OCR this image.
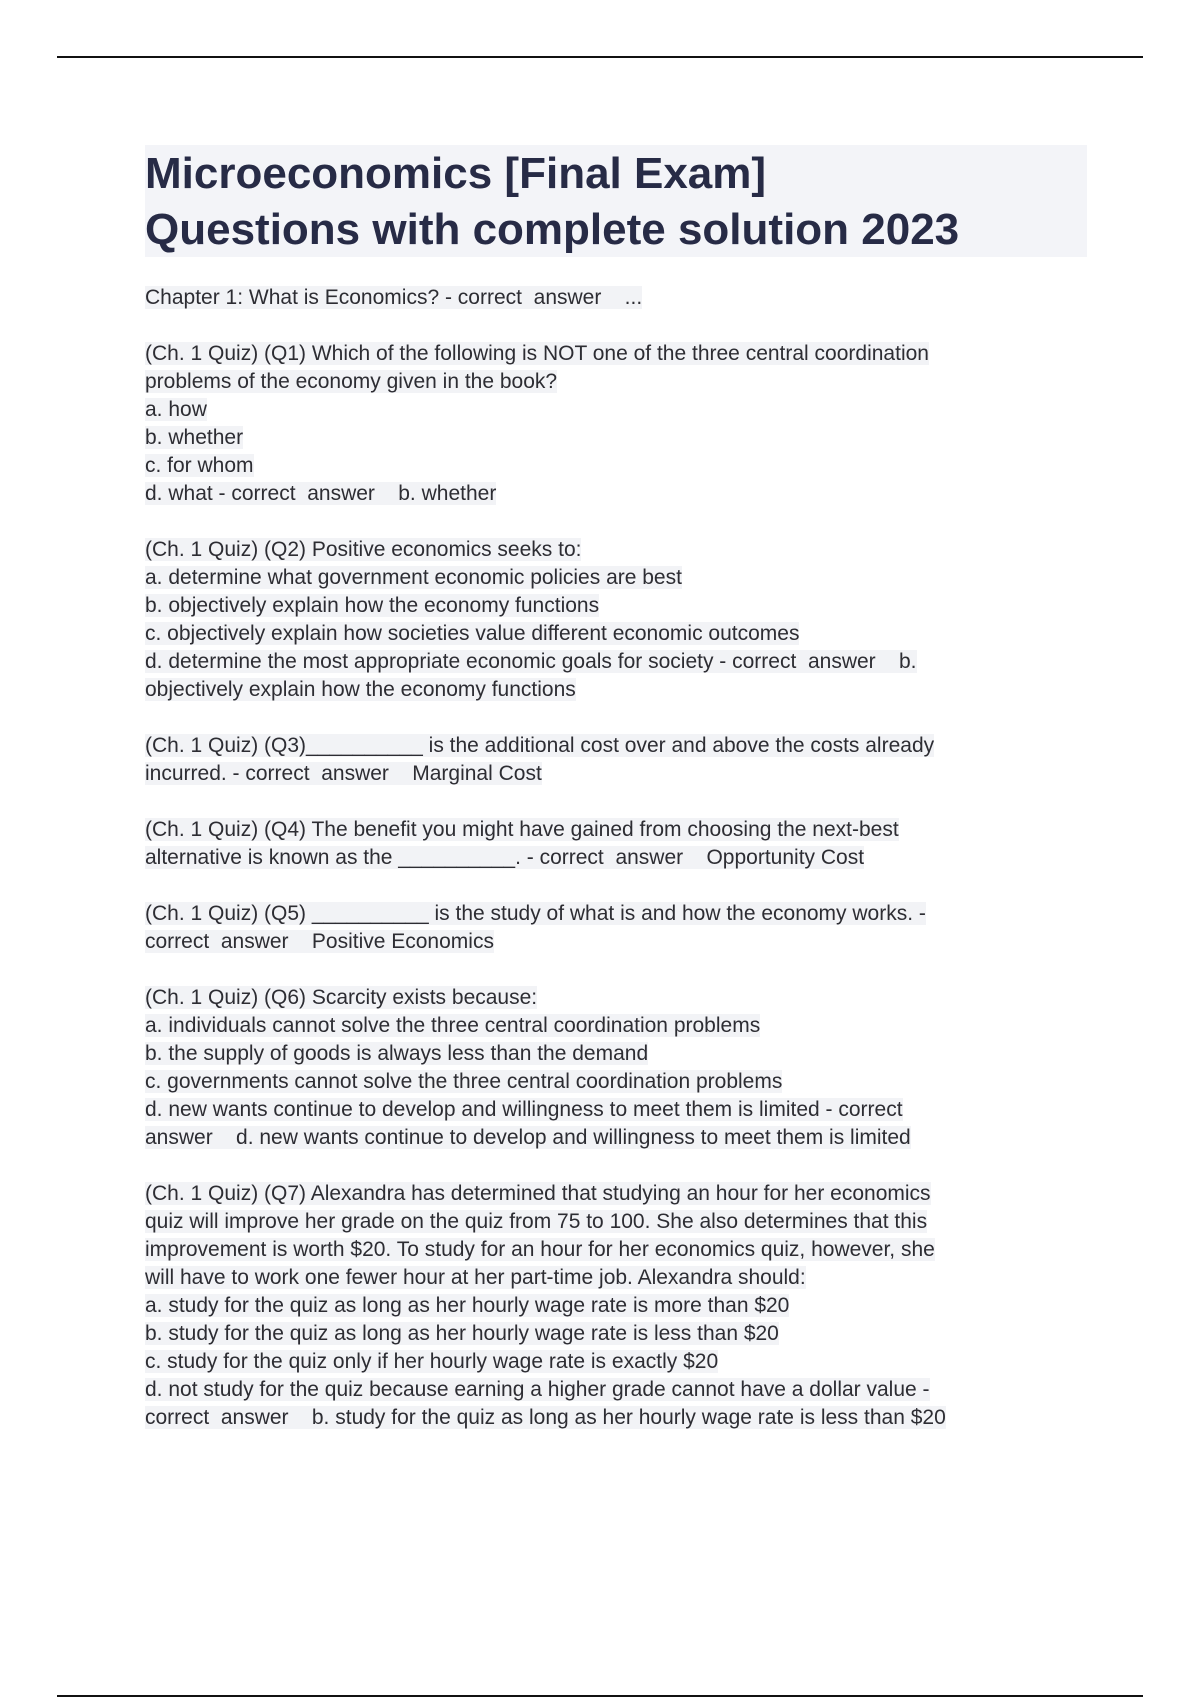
Microeconomics [Final Exam]
Questions with complete solution 2023
Chapter 1: What is Economics? - correct  answer    ...
(Ch. 1 Quiz) (Q1) Which of the following is NOT one of the three central coordination
problems of the economy given in the book?
a. how
b. whether
c. for whom
d. what - correct  answer    b. whether
(Ch. 1 Quiz) (Q2) Positive economics seeks to:
a. determine what government economic policies are best
b. objectively explain how the economy functions
c. objectively explain how societies value different economic outcomes
d. determine the most appropriate economic goals for society - correct  answer    b.
objectively explain how the economy functions
(Ch. 1 Quiz) (Q3)__________ is the additional cost over and above the costs already
incurred. - correct  answer    Marginal Cost
(Ch. 1 Quiz) (Q4) The benefit you might have gained from choosing the next-best
alternative is known as the __________. - correct  answer    Opportunity Cost
(Ch. 1 Quiz) (Q5) __________ is the study of what is and how the economy works. -
correct  answer    Positive Economics
(Ch. 1 Quiz) (Q6) Scarcity exists because:
a. individuals cannot solve the three central coordination problems
b. the supply of goods is always less than the demand
c. governments cannot solve the three central coordination problems
d. new wants continue to develop and willingness to meet them is limited - correct
answer    d. new wants continue to develop and willingness to meet them is limited
(Ch. 1 Quiz) (Q7) Alexandra has determined that studying an hour for her economics
quiz will improve her grade on the quiz from 75 to 100. She also determines that this
improvement is worth $20. To study for an hour for her economics quiz, however, she
will have to work one fewer hour at her part-time job. Alexandra should:
a. study for the quiz as long as her hourly wage rate is more than $20
b. study for the quiz as long as her hourly wage rate is less than $20
c. study for the quiz only if her hourly wage rate is exactly $20
d. not study for the quiz because earning a higher grade cannot have a dollar value -
correct  answer    b. study for the quiz as long as her hourly wage rate is less than $20
